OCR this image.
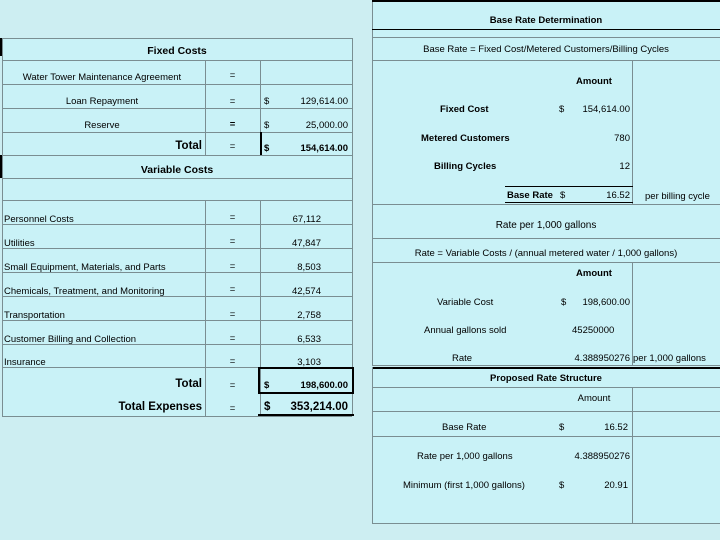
Fixed Costs
Water Tower Maintenance Agreement	=
Loan Repayment	=	$	129,614.00
Reserve	=	$	25,000.00
Total	=	$	154,614.00
Variable Costs
Personnel Costs	=	67,112
Utilities	=	47,847
Small Equipment, Materials, and Parts	=	8,503
Chemicals, Treatment, and Monitoring	=	42,574
Transportation	=	2,758
Customer Billing and Collection	=	6,533
Insurance	=	3,103
Total	=	$	198,600.00
Total Expenses	=	$	353,214.00
Base Rate Determination
Base Rate = Fixed Cost/Metered Customers/Billing Cycles
Amount
Fixed Cost	$	154,614.00
Metered Customers	780
Billing Cycles	12
Base Rate $	16.52 per billing cycle
Rate per 1,000 gallons
Rate = Variable Costs / (annual metered water / 1,000 gallons)
Amount
Variable Cost	$	198,600.00
Annual gallons sold	45250000
Rate	4.388950276 per 1,000 gallons
Proposed Rate Structure
Amount
Base Rate	$	16.52
Rate per 1,000 gallons	4.388950276
Minimum (first 1,000 gallons)	$	20.91
